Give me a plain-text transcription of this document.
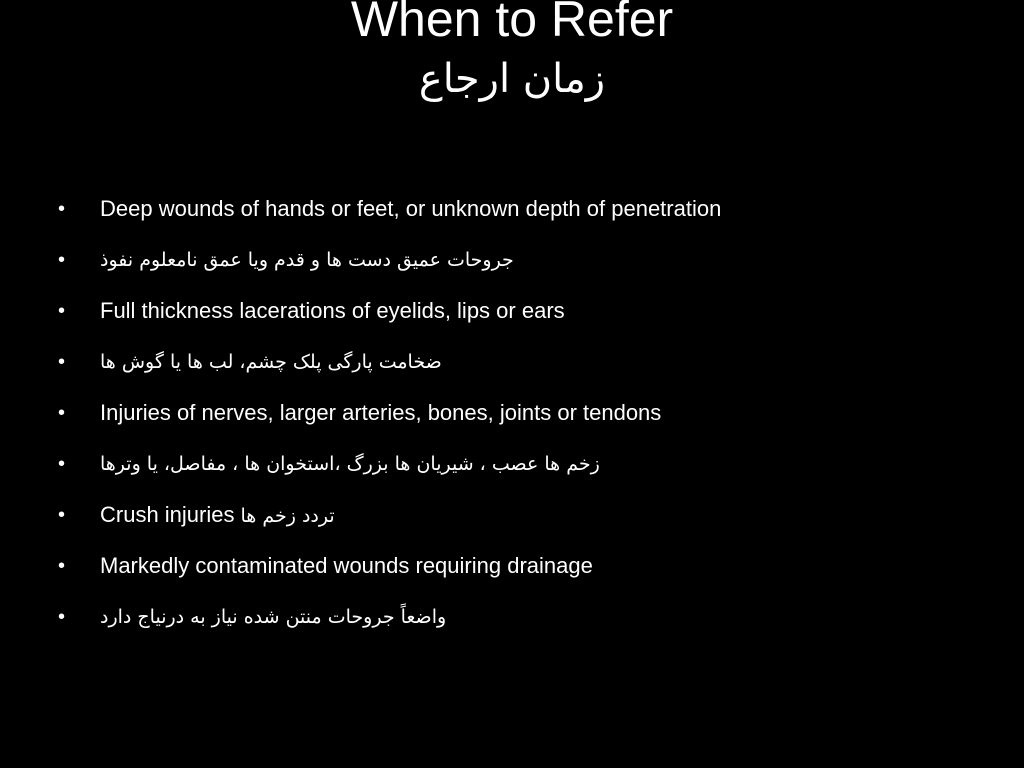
When to Refer
زمان ارجاع
•	Deep wounds of hands or feet, or unknown depth of penetration
•	جروحات عمیق دست ها و قدم ویا عمق نامعلوم نفوذ
•	Full thickness lacerations of eyelids, lips or ears
•	ضخامت پارگی پلک چشم، لب ها یا گوش ها
•	Injuries of nerves, larger arteries, bones, joints or tendons
•	زخم ها عصب ، شیریان ها بزرگ ،استخوان ها ، مفاصل، یا وترها
•	Crush injuries تردد زخم ها
•	Markedly contaminated wounds requiring drainage
•	واضعاً جروحات منتن شده نیاز به درنیاج دارد
